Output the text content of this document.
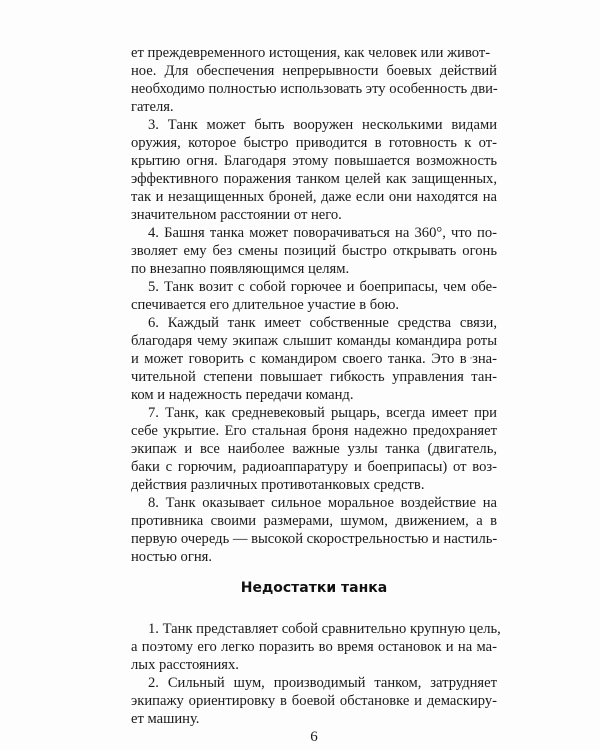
ет преждевременного истощения, как человек или живот-
ное. Для обеспечения непрерывности боевых действий
необходимо полностью использовать эту особенность дви-
гателя.
3. Танк может быть вооружен несколькими видами
оружия, которое быстро приводится в готовность к от-
крытию огня. Благодаря этому повышается возможность
эффективного поражения танком целей как защищенных,
так и незащищенных броней, даже если они находятся на
значительном расстоянии от него.
4. Башня танка может поворачиваться на 360°, что по-
зволяет ему без смены позиций быстро открывать огонь
по внезапно появляющимся целям.
5. Танк возит с собой горючее и боеприпасы, чем обе-
спечивается его длительное участие в бою.
6. Каждый танк имеет собственные средства связи,
благодаря чему экипаж слышит команды командира роты
и может говорить с командиром своего танка. Это в зна-
чительной степени повышает гибкость управления тан-
ком и надежность передачи команд.
7. Танк, как средневековый рыцарь, всегда имеет при
себе укрытие. Его стальная броня надежно предохраняет
экипаж и все наиболее важные узлы танка (двигатель,
баки с горючим, радиоаппаратуру и боеприпасы) от воз-
действия различных противотанковых средств.
8. Танк оказывает сильное моральное воздействие на
противника своими размерами, шумом, движением, а в
первую очередь — высокой скорострельностью и настиль-
ностью огня.
Недостатки танка
1. Танк представляет собой сравнительно крупную цель,
а поэтому его легко поразить во время остановок и на ма-
лых расстояниях.
2. Сильный шум, производимый танком, затрудняет
экипажу ориентировку в боевой обстановке и демаскиру-
ет машину.
6
